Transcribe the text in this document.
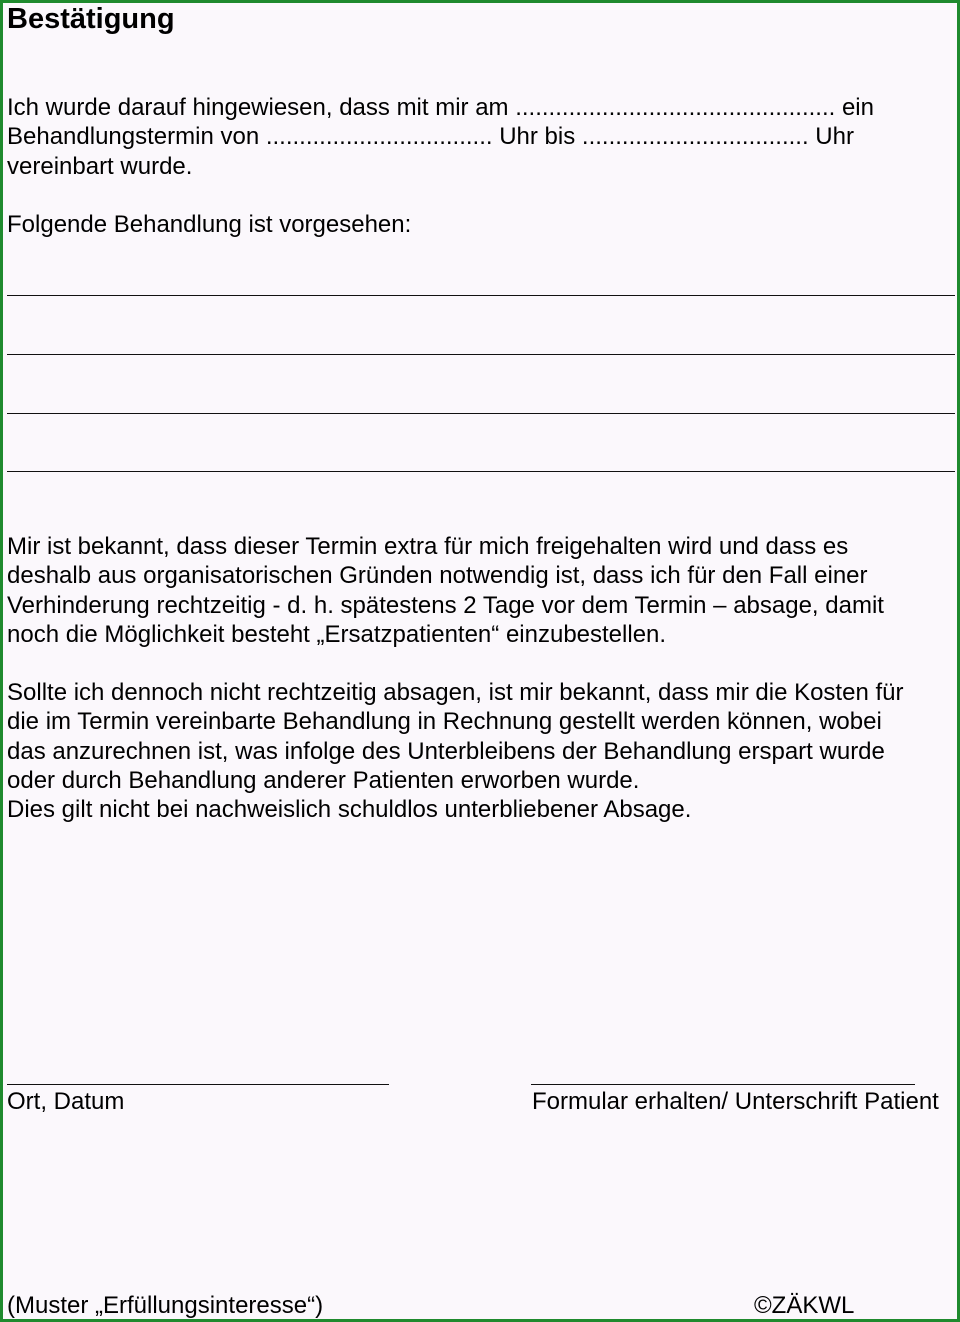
Bestätigung
Ich wurde darauf hingewiesen, dass mit mir am ................................................ ein
Behandlungstermin von .................................. Uhr bis .................................. Uhr
vereinbart wurde.
Folgende Behandlung ist vorgesehen:
Mir ist bekannt, dass dieser Termin extra für mich freigehalten wird und dass es
deshalb aus organisatorischen Gründen notwendig ist, dass ich für den Fall einer
Verhinderung rechtzeitig - d. h. spätestens 2 Tage vor dem Termin – absage, damit
noch die Möglichkeit besteht „Ersatzpatienten“ einzubestellen.
Sollte ich dennoch nicht rechtzeitig absagen, ist mir bekannt, dass mir die Kosten für
die im Termin vereinbarte Behandlung in Rechnung gestellt werden können, wobei
das anzurechnen ist, was infolge des Unterbleibens der Behandlung erspart wurde
oder durch Behandlung anderer Patienten erworben wurde.
Dies gilt nicht bei nachweislich schuldlos unterbliebener Absage.
Ort, Datum	Formular erhalten/ Unterschrift Patient
(Muster „Erfüllungsinteresse“)	©ZÄKWL
